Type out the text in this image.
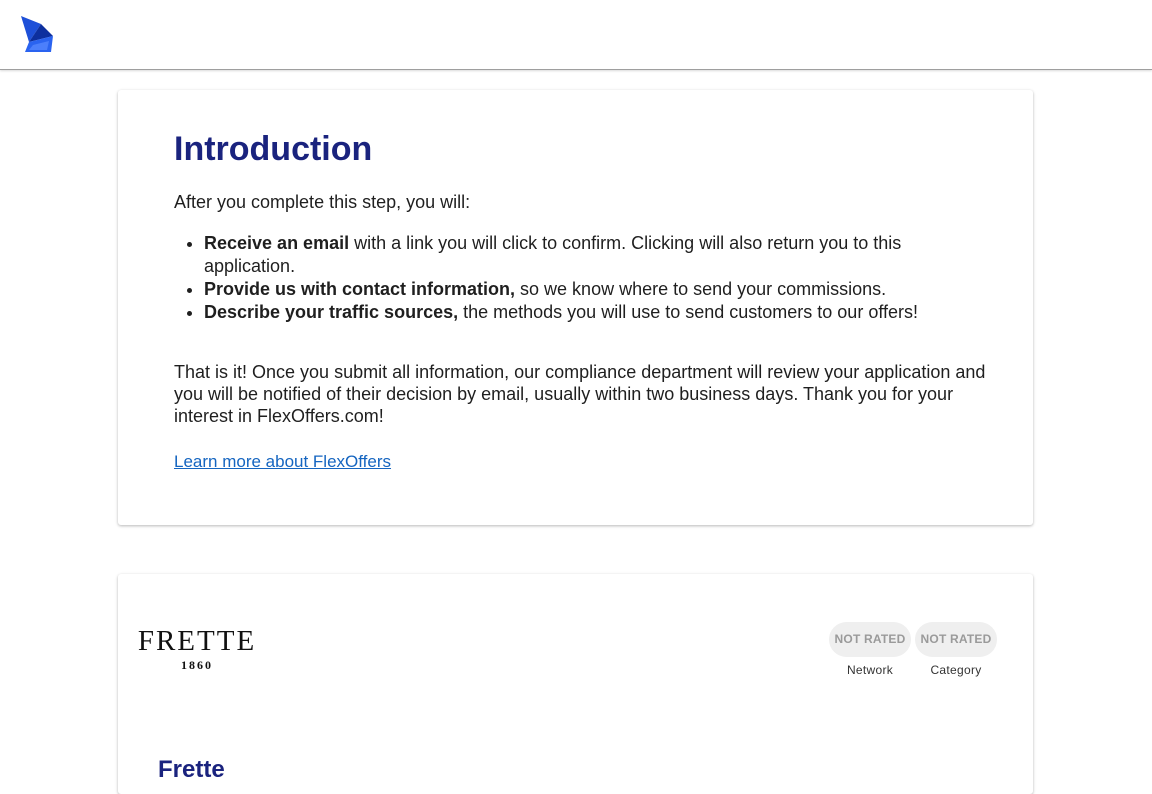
Introduction

After you complete this step, you will:

• Receive an email with a link you will click to confirm. Clicking will also return you to this application.
• Provide us with contact information, so we know where to send your commissions.
• Describe your traffic sources, the methods you will use to send customers to our offers!

That is it! Once you submit all information, our compliance department will review your application and you will be notified of their decision by email, usually within two business days. Thank you for your interest in FlexOffers.com!

Learn more about FlexOffers
FRETTE
1860
NOT RATED
Network
NOT RATED
Category
Frette
